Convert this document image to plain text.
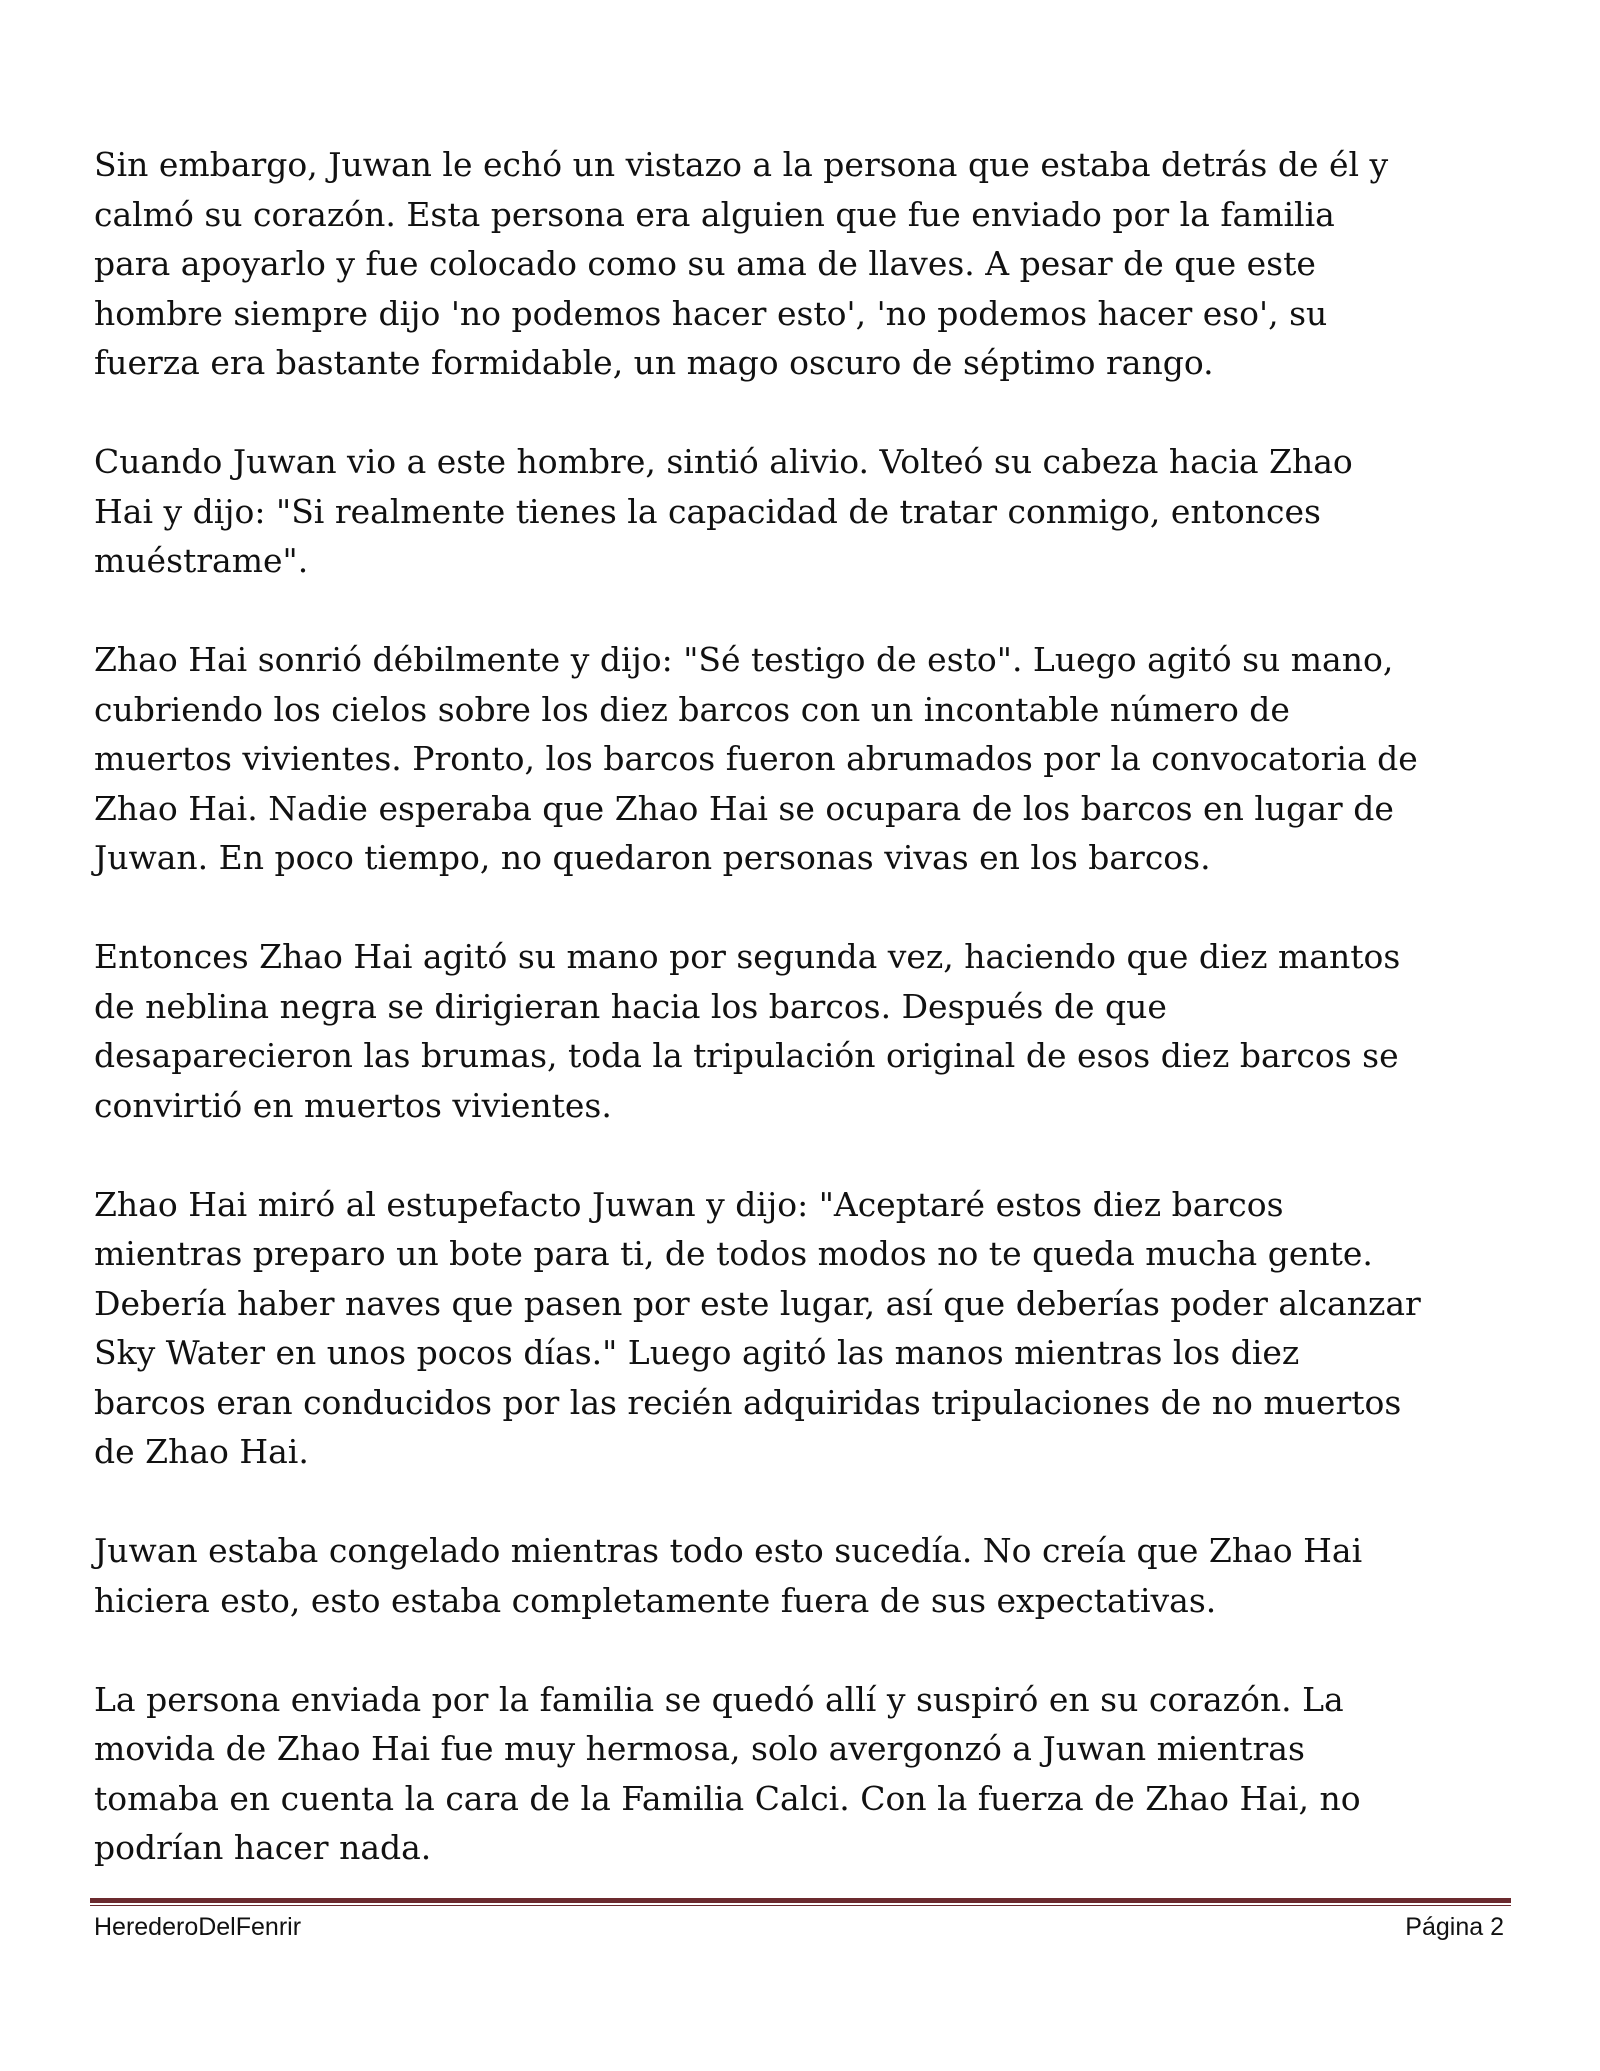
Sin embargo, Juwan le echó un vistazo a la persona que estaba detrás de él y
calmó su corazón. Esta persona era alguien que fue enviado por la familia
para apoyarlo y fue colocado como su ama de llaves. A pesar de que este
hombre siempre dijo 'no podemos hacer esto', 'no podemos hacer eso', su
fuerza era bastante formidable, un mago oscuro de séptimo rango.

Cuando Juwan vio a este hombre, sintió alivio. Volteó su cabeza hacia Zhao
Hai y dijo: "Si realmente tienes la capacidad de tratar conmigo, entonces
muéstrame".

Zhao Hai sonrió débilmente y dijo: "Sé testigo de esto". Luego agitó su mano,
cubriendo los cielos sobre los diez barcos con un incontable número de
muertos vivientes. Pronto, los barcos fueron abrumados por la convocatoria de
Zhao Hai. Nadie esperaba que Zhao Hai se ocupara de los barcos en lugar de
Juwan. En poco tiempo, no quedaron personas vivas en los barcos.

Entonces Zhao Hai agitó su mano por segunda vez, haciendo que diez mantos
de neblina negra se dirigieran hacia los barcos. Después de que
desaparecieron las brumas, toda la tripulación original de esos diez barcos se
convirtió en muertos vivientes.

Zhao Hai miró al estupefacto Juwan y dijo: "Aceptaré estos diez barcos
mientras preparo un bote para ti, de todos modos no te queda mucha gente.
Debería haber naves que pasen por este lugar, así que deberías poder alcanzar
Sky Water en unos pocos días." Luego agitó las manos mientras los diez
barcos eran conducidos por las recién adquiridas tripulaciones de no muertos
de Zhao Hai.

Juwan estaba congelado mientras todo esto sucedía. No creía que Zhao Hai
hiciera esto, esto estaba completamente fuera de sus expectativas.

La persona enviada por la familia se quedó allí y suspiró en su corazón. La
movida de Zhao Hai fue muy hermosa, solo avergonzó a Juwan mientras
tomaba en cuenta la cara de la Familia Calci. Con la fuerza de Zhao Hai, no
podrían hacer nada.

HerederoDelFenrir	Página 2
